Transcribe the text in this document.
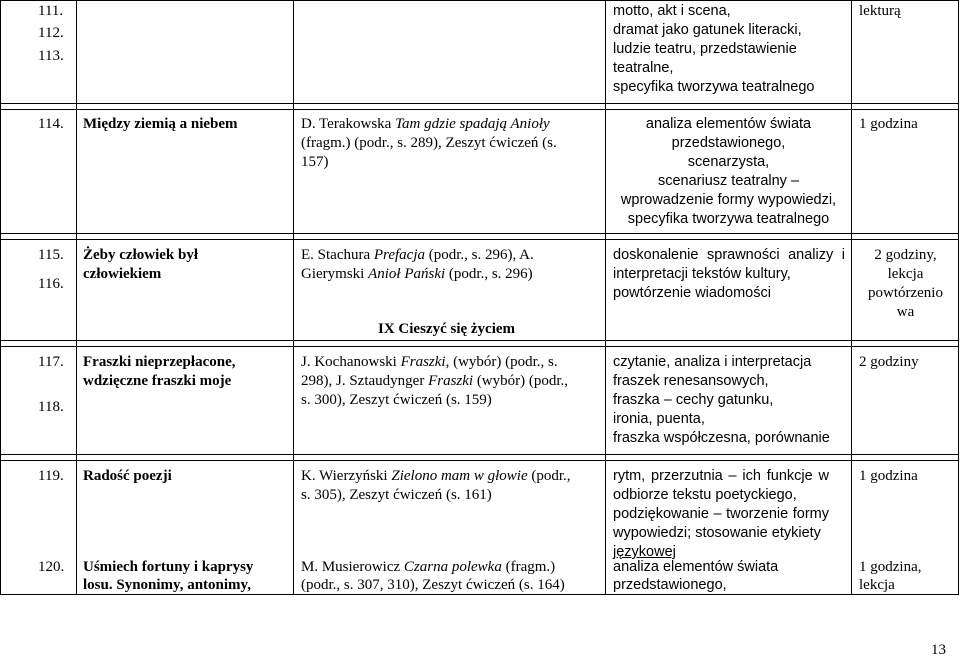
111.
112.
113.
motto, akt i scena,
dramat jako gatunek literacki,
ludzie teatru, przedstawienie
teatralne,
specyfika tworzywa teatralnego
lekturą
114. Między ziemią a niebem	D. Terakowska Tam gdzie spadają Anioły
(fragm.) (podr., s. 289), Zeszyt ćwiczeń (s.
157)
analiza elementów świata
przedstawionego,
scenarzysta,
scenariusz teatralny –
wprowadzenie formy wypowiedzi,
specyfika tworzywa teatralnego
1 godzina
115.
116.
Żeby człowiek był
człowiekiem
E. Stachura Prefacja (podr., s. 296), A.
Gierymski Anioł Pański (podr., s. 296)
IX Cieszyć się życiem
doskonalenie sprawności analizy i
interpretacji tekstów kultury,
powtórzenie wiadomości
2 godziny,
lekcja
powtórzenio
wa
117.
118.
Fraszki nieprzepłacone,
wdzięczne fraszki moje
J. Kochanowski Fraszki, (wybór) (podr., s.
298), J. Sztaudynger Fraszki (wybór) (podr.,
s. 300), Zeszyt ćwiczeń (s. 159)
czytanie, analiza i interpretacja
fraszek renesansowych,
fraszka – cechy gatunku,
ironia, puenta,
fraszka współczesna, porównanie
2 godziny
119. Radość poezji	K. Wierzyński Zielono mam w głowie (podr.,
s. 305), Zeszyt ćwiczeń (s. 161)
rytm, przerzutnia – ich funkcje w
odbiorze tekstu poetyckiego,
podziękowanie – tworzenie formy
wypowiedzi; stosowanie etykiety
językowej
1 godzina
120. Uśmiech fortuny i kaprysy
losu. Synonimy, antonimy,
M. Musierowicz Czarna polewka (fragm.)
(podr., s. 307, 310), Zeszyt ćwiczeń (s. 164)
analiza elementów świata
przedstawionego,
1 godzina,
lekcja
13
